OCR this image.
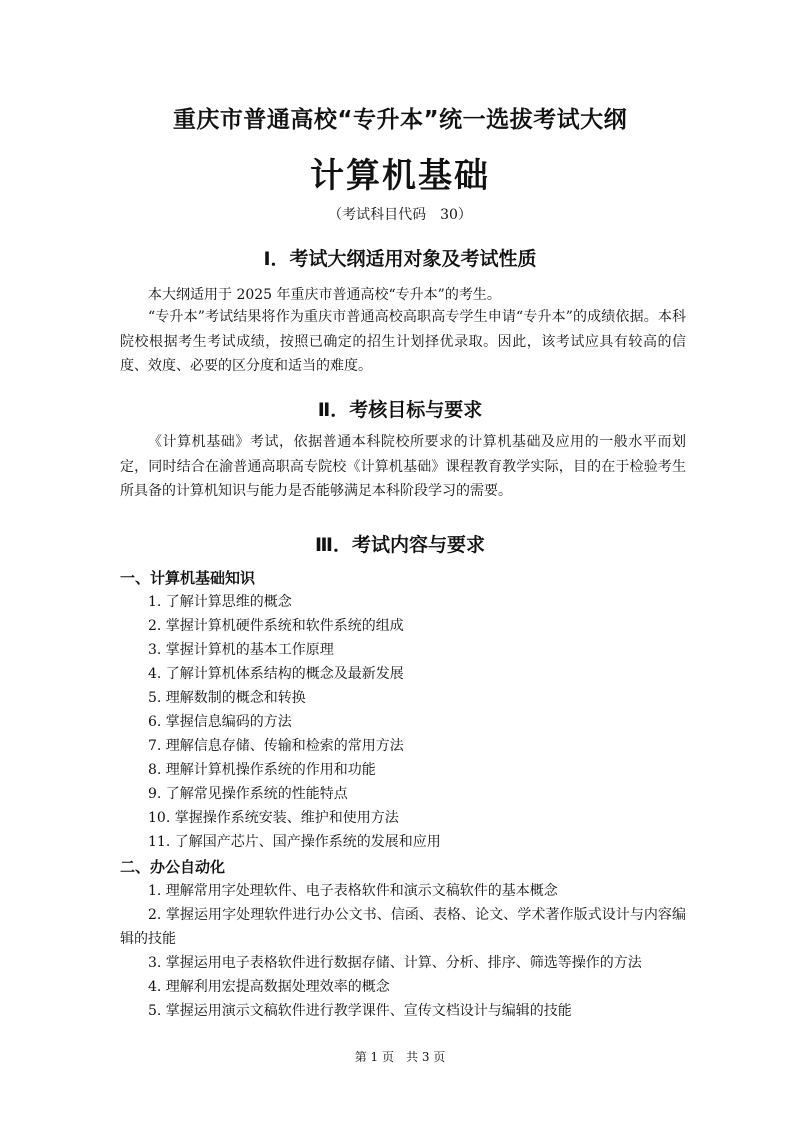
重庆市普通高校“专升本”统一选拔考试大纲
计算机基础

（考试科目代码　30）

Ⅰ．考试大纲适用对象及考试性质

本大纲适用于 2025 年重庆市普通高校“专升本”的考生。

“专升本”考试结果将作为重庆市普通高校高职高专学生申请“专升本”的成绩依据。本科院校根据考生考试成绩，按照已确定的招生计划择优录取。因此，该考试应具有较高的信度、效度、必要的区分度和适当的难度。

Ⅱ．考核目标与要求

《计算机基础》考试，依据普通本科院校所要求的计算机基础及应用的一般水平而划定，同时结合在渝普通高职高专院校《计算机基础》课程教育教学实际，目的在于检验考生所具备的计算机知识与能力是否能够满足本科阶段学习的需要。

Ⅲ．考试内容与要求
一、计算机基础知识
1. 了解计算思维的概念
2. 掌握计算机硬件系统和软件系统的组成
3. 掌握计算机的基本工作原理
4. 了解计算机体系结构的概念及最新发展
5. 理解数制的概念和转换
6. 掌握信息编码的方法
7. 理解信息存储、传输和检索的常用方法
8. 理解计算机操作系统的作用和功能
9. 了解常见操作系统的性能特点
10. 掌握操作系统安装、维护和使用方法
11. 了解国产芯片、国产操作系统的发展和应用
二、办公自动化
1. 理解常用字处理软件、电子表格软件和演示文稿软件的基本概念
2. 掌握运用字处理软件进行办公文书、信函、表格、论文、学术著作版式设计与内容编辑的技能
3. 掌握运用电子表格软件进行数据存储、计算、分析、排序、筛选等操作的方法
4. 理解利用宏提高数据处理效率的概念
5. 掌握运用演示文稿软件进行教学课件、宣传文档设计与编辑的技能

第 1 页　共 3 页
